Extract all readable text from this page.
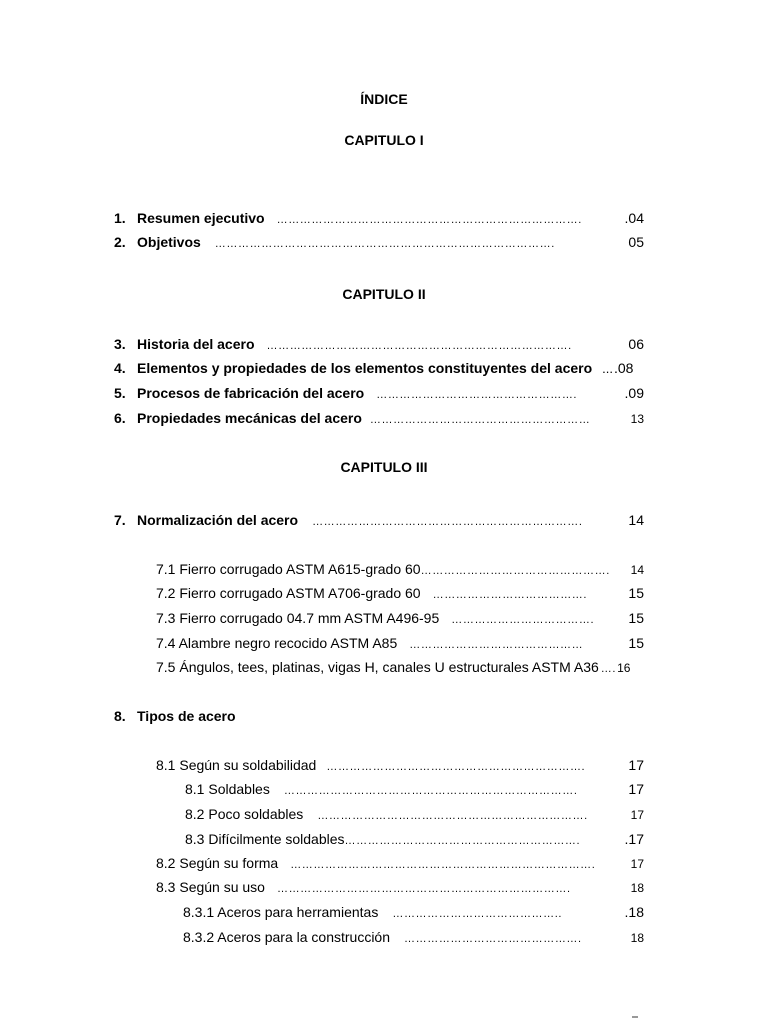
ÍNDICE
CAPITULO I
1. Resumen ejecutivo …………………………………………………………………….	.04
2. Objetivos …………………………………………………………………………….	05
CAPITULO II
3. Historia del acero …………………………………………………………………….	06
4. Elementos y propiedades de los elementos constituyentes del acero ... .08
5. Procesos de fabricación del acero …………………………………………….	.09
6. Propiedades mecánicas del acero …………………………………………………	13
CAPITULO III
7. Normalización del acero …………………………………………………………….	14
7.1 Fierro corrugado ASTM A615-grado 60 ………………………………………….	14
7.2 Fierro corrugado ASTM A706-grado 60 ………………………………….	15
7.3 Fierro corrugado 04.7 mm ASTM A496-95 ……………………………….	15
7.4 Alambre negro recocido ASTM A85 ………………………………………	15
7.5 Ángulos, tees, platinas, vigas H, canales U estructurales ASTM A36 …. 16
8. Tipos de acero
8.1 Según su soldabilidad ………………………………………………………….	17
8.1 Soldables ………………………………………………………………….	17
8.2 Poco soldables …………………………………………………………….	17
8.3 Difícilmente soldables …………………………………………………….	.17
8.2 Según su forma …………………………………………………………………….	17
8.3 Según su uso ………………………………………………………………….	18
8.3.1 Aceros para herramientas ……………………………………..	.18
8.3.2 Aceros para la construcción ……………………………………….	18
